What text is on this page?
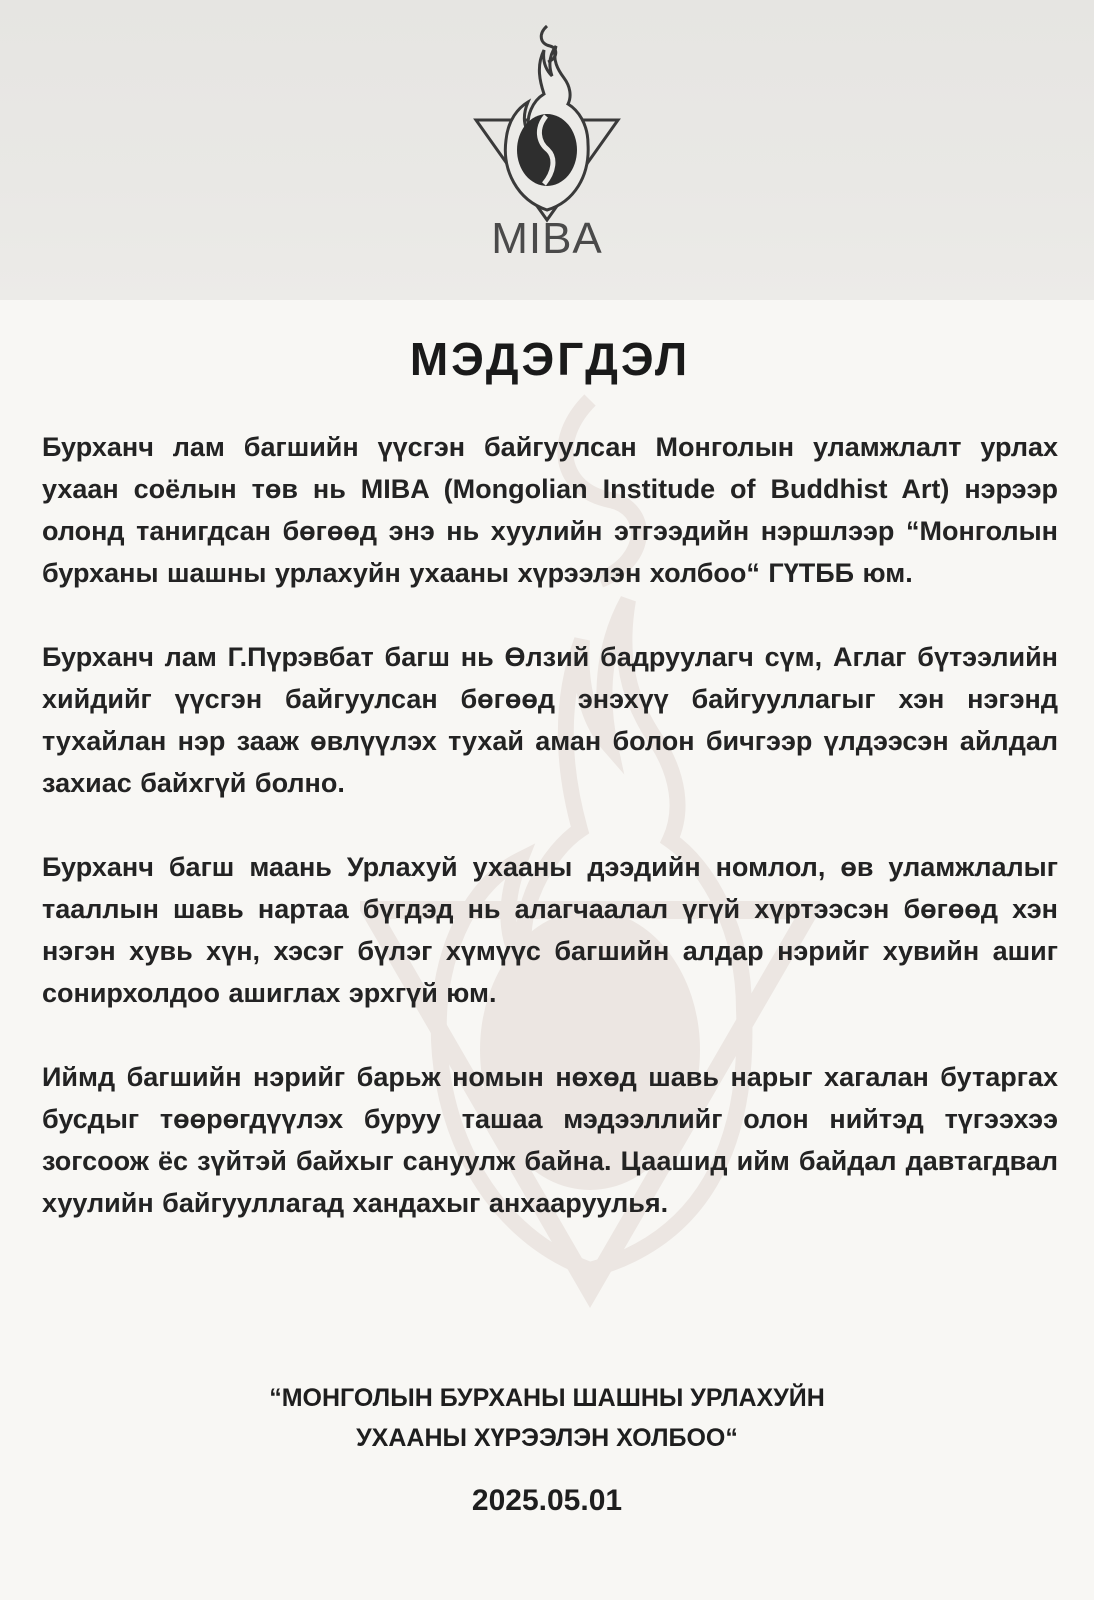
MIBA
МЭДЭГДЭЛ

Бурханч лам багшийн үүсгэн байгуулсан Монголын уламжлалт урлах ухаан соёлын төв нь MIBA (Mongolian Institude of Buddhist Art) нэрээр олонд танигдсан бөгөөд энэ нь хуулийн этгээдийн нэршлээр “Монголын бурханы шашны урлахуйн ухааны хүрээлэн холбоо“ ГҮТББ юм.

Бурханч лам Г.Пүрэвбат багш нь Өлзий бадруулагч сүм, Аглаг бүтээлийн хийдийг үүсгэн байгуулсан бөгөөд энэхүү байгууллагыг хэн нэгэнд тухайлан нэр зааж өвлүүлэх тухай аман болон бичгээр үлдээсэн айлдал захиас байхгүй болно.

Бурханч багш маань Урлахуй ухааны дээдийн номлол, өв уламжлалыг тааллын шавь нартаа бүгдэд нь алагчаалал үгүй хүртээсэн бөгөөд хэн нэгэн хувь хүн, хэсэг бүлэг хүмүүс багшийн алдар нэрийг хувийн ашиг сонирхолдоо ашиглах эрхгүй юм.

Иймд багшийн нэрийг барьж номын нөхөд шавь нарыг хагалан бутаргах бусдыг төөрөгдүүлэх буруу ташаа мэдээллийг олон нийтэд түгээхээ зогсоож ёс зүйтэй байхыг сануулж байна. Цаашид ийм байдал давтагдвал хуулийн байгууллагад хандахыг анхааруулья.

“МОНГОЛЫН БУРХАНЫ ШАШНЫ УРЛАХУЙН
УХААНЫ ХҮРЭЭЛЭН ХОЛБОО“
2025.05.01
